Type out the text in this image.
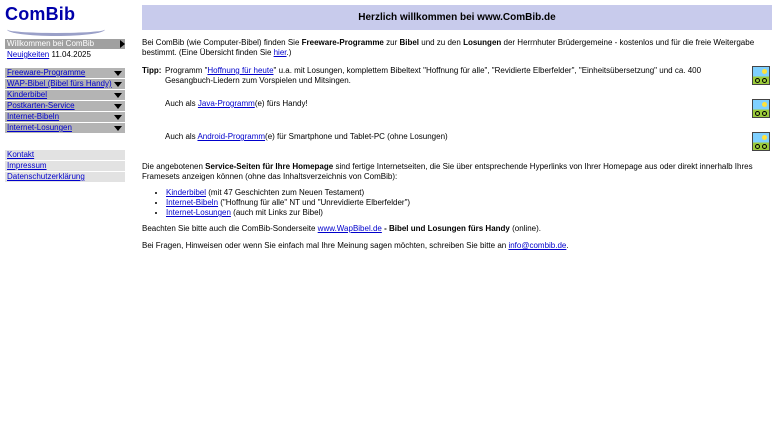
ComBib
Willkommen bei ComBib
Neuigkeiten 11.04.2025
Freeware-Programme
WAP-Bibel (Bibel fürs Handy)
Kinderbibel
Postkarten-Service
Internet-Bibeln
Internet-Losungen
Kontakt
Impressum
Datenschutzerklärung
Herzlich willkommen bei www.ComBib.de

Bei ComBib (wie Computer-Bibel) finden Sie Freeware-Programme zur Bibel und zu den Losungen der Herrnhuter Brüdergemeine - kostenlos und für die freie Weitergabe bestimmt. (Eine Übersicht finden Sie hier.)

Tipp: Programm "Hoffnung für heute" u.a. mit Losungen, komplettem Bibeltext "Hoffnung für alle", "Revidierte Elberfelder", "Einheitsübersetzung" und ca. 400 Gesangbuch-Liedern zum Vorspielen und Mitsingen.

Auch als Java-Programm(e) fürs Handy!

Auch als Android-Programm(e) für Smartphone und Tablet-PC (ohne Losungen)

Die angebotenen Service-Seiten für Ihre Homepage sind fertige Internetseiten, die Sie über entsprechende Hyperlinks von Ihrer Homepage aus oder direkt innerhalb Ihres Framesets anzeigen können (ohne das Inhaltsverzeichnis von ComBib):

• Kinderbibel (mit 47 Geschichten zum Neuen Testament)
• Internet-Bibeln ("Hoffnung für alle" NT und "Unrevidierte Elberfelder")
• Internet-Losungen (auch mit Links zur Bibel)

Beachten Sie bitte auch die ComBib-Sonderseite www.WapBibel.de - Bibel und Losungen fürs Handy (online).

Bei Fragen, Hinweisen oder wenn Sie einfach mal Ihre Meinung sagen möchten, schreiben Sie bitte an info@combib.de.
